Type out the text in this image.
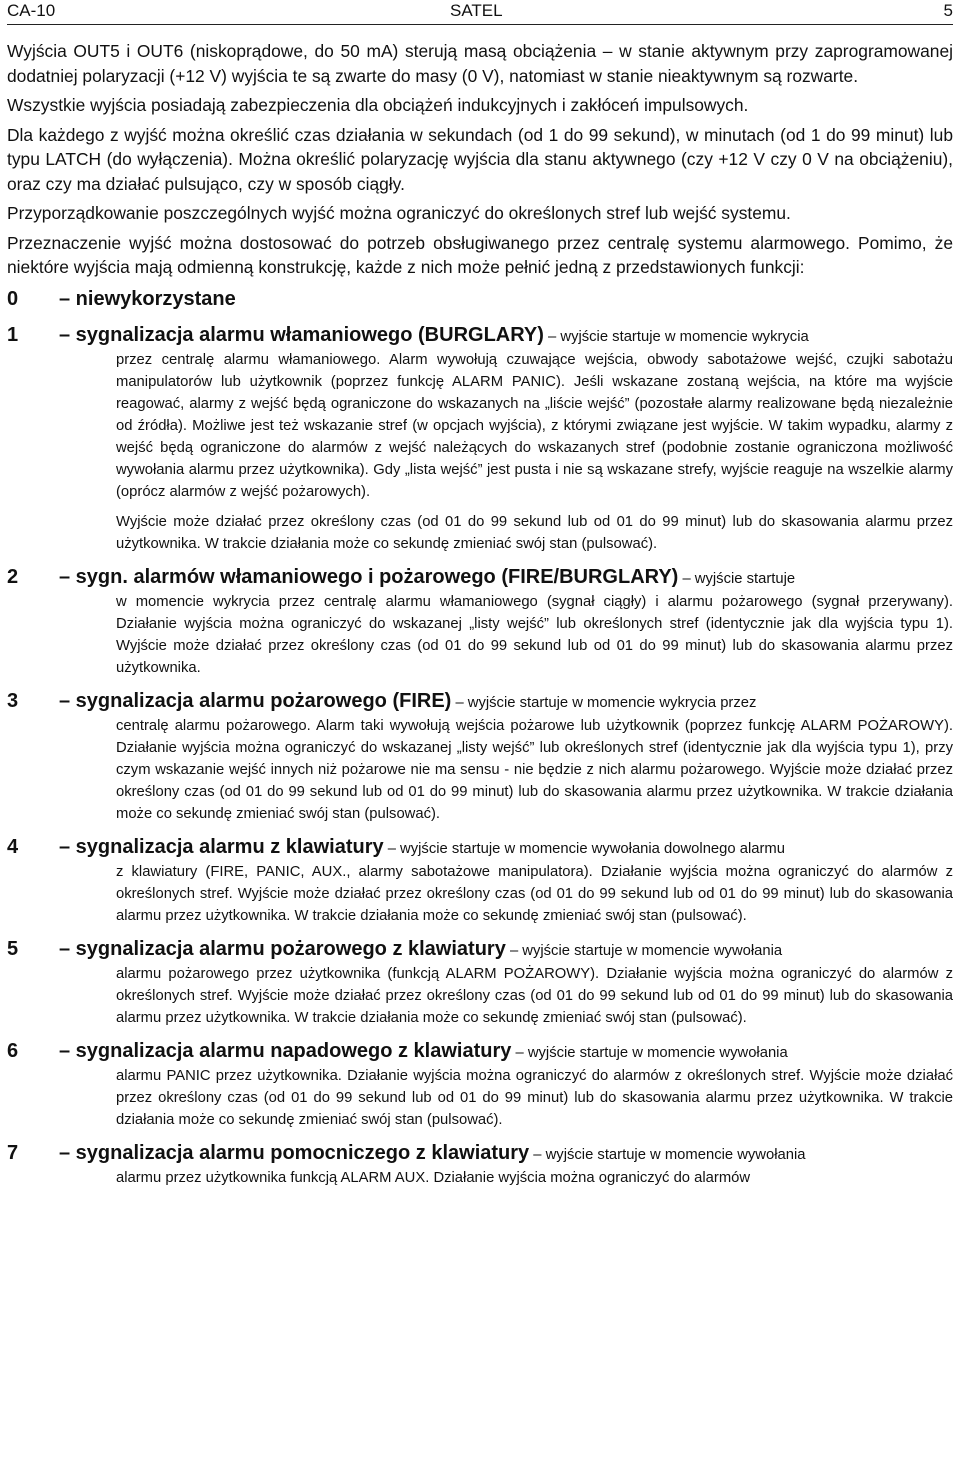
CA-10	SATEL	5

Wyjścia OUT5 i OUT6 (niskoprądowe, do 50 mA) sterują masą obciążenia – w stanie aktywnym przy zaprogramowanej dodatniej polaryzacji (+12 V) wyjścia te są zwarte do masy (0 V), natomiast w stanie nieaktywnym są rozwarte.

Wszystkie wyjścia posiadają zabezpieczenia dla obciążeń indukcyjnych i zakłóceń impulsowych.

Dla każdego z wyjść można określić czas działania w sekundach (od 1 do 99 sekund), w minutach (od 1 do 99 minut) lub typu LATCH (do wyłączenia). Można określić polaryzację wyjścia dla stanu aktywnego (czy +12 V czy 0 V na obciążeniu), oraz czy ma działać pulsująco, czy w sposób ciągły.

Przyporządkowanie poszczególnych wyjść można ograniczyć do określonych stref lub wejść systemu.

Przeznaczenie wyjść można dostosować do potrzeb obsługiwanego przez centralę systemu alarmowego. Pomimo, że niektóre wyjścia mają odmienną konstrukcję, każde z nich może pełnić jedną z przedstawionych funkcji:

0 – niewykorzystane
1 – sygnalizacja alarmu włamaniowego (BURGLARY) – wyjście startuje w momencie wykrycia

przez centralę alarmu włamaniowego. Alarm wywołują czuwające wejścia, obwody sabotażowe wejść, czujki sabotażu manipulatorów lub użytkownik (poprzez funkcję ALARM PANIC). Jeśli wskazane zostaną wejścia, na które ma wyjście reagować, alarmy z wejść będą ograniczone do wskazanych na „liście wejść” (pozostałe alarmy realizowane będą niezależnie od źródła). Możliwe jest też wskazanie stref (w opcjach wyjścia), z którymi związane jest wyjście. W takim wypadku, alarmy z wejść będą ograniczone do alarmów z wejść należących do wskazanych stref (podobnie zostanie ograniczona możliwość wywołania alarmu przez użytkownika). Gdy „lista wejść” jest pusta i nie są wskazane strefy, wyjście reaguje na wszelkie alarmy (oprócz alarmów z wejść pożarowych).

Wyjście może działać przez określony czas (od 01 do 99 sekund lub od 01 do 99 minut) lub do skasowania alarmu przez użytkownika. W trakcie działania może co sekundę zmieniać swój stan (pulsować).

2 – sygn. alarmów włamaniowego i pożarowego (FIRE/BURGLARY) – wyjście startuje

w momencie wykrycia przez centralę alarmu włamaniowego (sygnał ciągły) i alarmu pożarowego (sygnał przerywany). Działanie wyjścia można ograniczyć do wskazanej „listy wejść” lub określonych stref (identycznie jak dla wyjścia typu 1). Wyjście może działać przez określony czas (od 01 do 99 sekund lub od 01 do 99 minut) lub do skasowania alarmu przez użytkownika.

3 – sygnalizacja alarmu pożarowego (FIRE) – wyjście startuje w momencie wykrycia przez

centralę alarmu pożarowego. Alarm taki wywołują wejścia pożarowe lub użytkownik (poprzez funkcję ALARM POŻAROWY). Działanie wyjścia można ograniczyć do wskazanej „listy wejść” lub określonych stref (identycznie jak dla wyjścia typu 1), przy czym wskazanie wejść innych niż pożarowe nie ma sensu - nie będzie z nich alarmu pożarowego. Wyjście może działać przez określony czas (od 01 do 99 sekund lub od 01 do 99 minut) lub do skasowania alarmu przez użytkownika. W trakcie działania może co sekundę zmieniać swój stan (pulsować).

4 – sygnalizacja alarmu z klawiatury – wyjście startuje w momencie wywołania dowolnego alarmu

z klawiatury (FIRE, PANIC, AUX., alarmy sabotażowe manipulatora). Działanie wyjścia można ograniczyć do alarmów z określonych stref. Wyjście może działać przez określony czas (od 01 do 99 sekund lub od 01 do 99 minut) lub do skasowania alarmu przez użytkownika. W trakcie działania może co sekundę zmieniać swój stan (pulsować).

5 – sygnalizacja alarmu pożarowego z klawiatury – wyjście startuje w momencie wywołania

alarmu pożarowego przez użytkownika (funkcją ALARM POŻAROWY). Działanie wyjścia można ograniczyć do alarmów z określonych stref. Wyjście może działać przez określony czas (od 01 do 99 sekund lub od 01 do 99 minut) lub do skasowania alarmu przez użytkownika. W trakcie działania może co sekundę zmieniać swój stan (pulsować).

6 – sygnalizacja alarmu napadowego z klawiatury – wyjście startuje w momencie wywołania

alarmu PANIC przez użytkownika. Działanie wyjścia można ograniczyć do alarmów z określonych stref. Wyjście może działać przez określony czas (od 01 do 99 sekund lub od 01 do 99 minut) lub do skasowania alarmu przez użytkownika. W trakcie działania może co sekundę zmieniać swój stan (pulsować).

7 – sygnalizacja alarmu pomocniczego z klawiatury – wyjście startuje w momencie wywołania

alarmu przez użytkownika funkcją ALARM AUX. Działanie wyjścia można ograniczyć do alarmów
